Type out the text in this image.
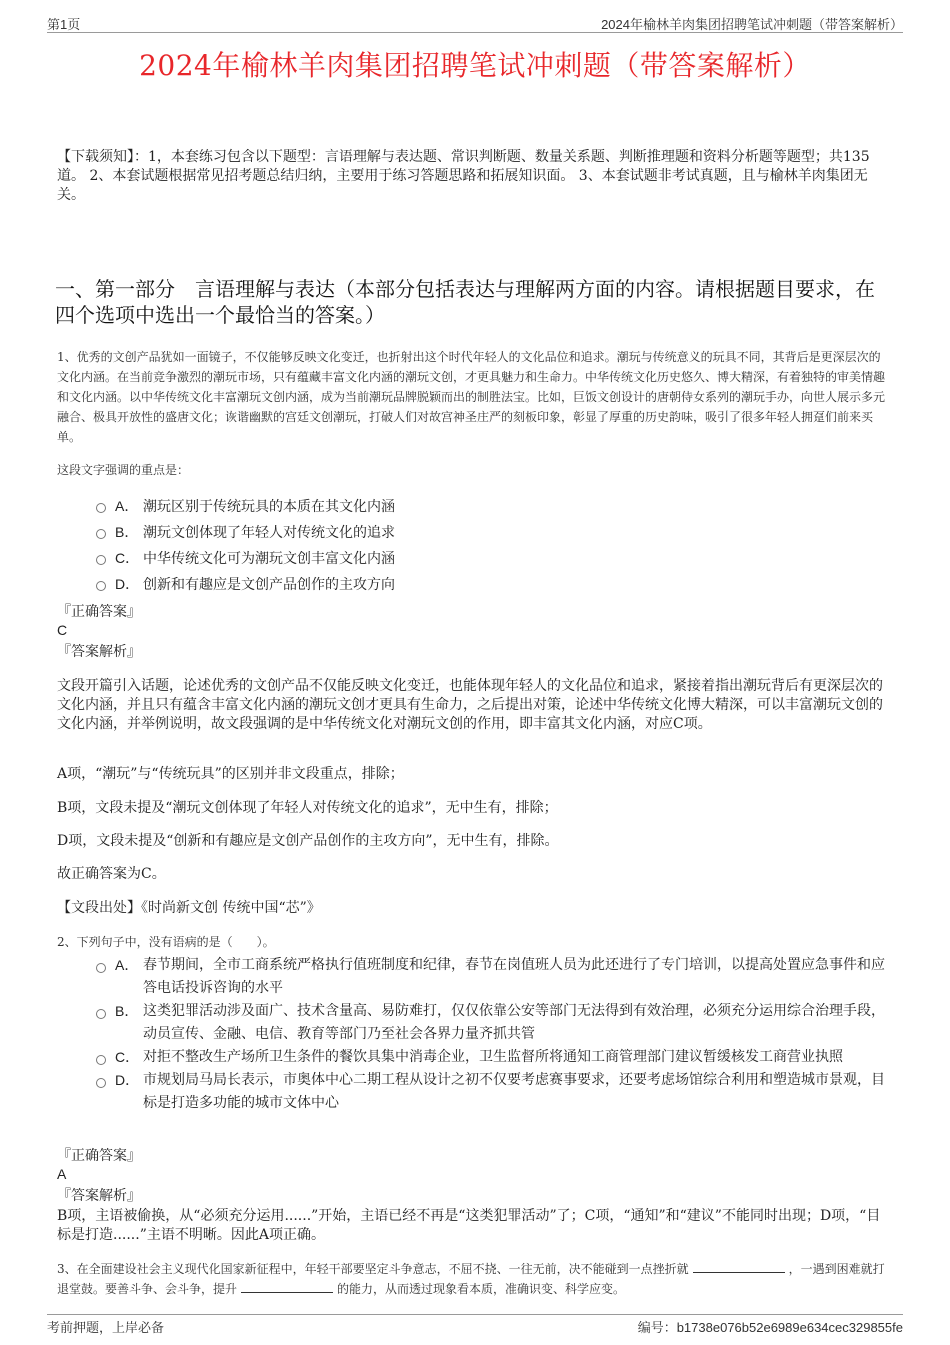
第1页	2024年榆林羊肉集团招聘笔试冲刺题（带答案解析）
2024年榆林羊肉集团招聘笔试冲刺题（带答案解析）
【下载须知】：1，本套练习包含以下题型：言语理解与表达题、常识判断题、数量关系题、判断推理题和资料分析题等题型；共135道。 2、本套试题根据常见招考题总结归纳，主要用于练习答题思路和拓展知识面。 3、本套试题非考试真题，且与榆林羊肉集团无关。
一、第一部分　言语理解与表达（本部分包括表达与理解两方面的内容。请根据题目要求，在四个选项中选出一个最恰当的答案。）
1、优秀的文创产品犹如一面镜子，不仅能够反映文化变迁，也折射出这个时代年轻人的文化品位和追求。潮玩与传统意义的玩具不同，其背后是更深层次的文化内涵。在当前竞争激烈的潮玩市场，只有蕴藏丰富文化内涵的潮玩文创，才更具魅力和生命力。中华传统文化历史悠久、博大精深，有着独特的审美情趣和文化内涵。以中华传统文化丰富潮玩文创内涵，成为当前潮玩品牌脱颖而出的制胜法宝。比如，巨饭文创设计的唐朝侍女系列的潮玩手办，向世人展示多元融合、极具开放性的盛唐文化；诙谐幽默的宫廷文创潮玩，打破人们对故宫神圣庄严的刻板印象，彰显了厚重的历史韵味，吸引了很多年轻人拥趸们前来买单。
这段文字强调的重点是：
A． 潮玩区别于传统玩具的本质在其文化内涵
B． 潮玩文创体现了年轻人对传统文化的追求
C． 中华传统文化可为潮玩文创丰富文化内涵
D． 创新和有趣应是文创产品创作的主攻方向
『正确答案』
C
『答案解析』
文段开篇引入话题，论述优秀的文创产品不仅能反映文化变迁，也能体现年轻人的文化品位和追求，紧接着指出潮玩背后有更深层次的文化内涵，并且只有蕴含丰富文化内涵的潮玩文创才更具有生命力，之后提出对策，论述中华传统文化博大精深，可以丰富潮玩文创的文化内涵，并举例说明，故文段强调的是中华传统文化对潮玩文创的作用，即丰富其文化内涵，对应C项。
A项，“潮玩”与“传统玩具”的区别并非文段重点，排除；
B项，文段未提及“潮玩文创体现了年轻人对传统文化的追求”，无中生有，排除；
D项，文段未提及“创新和有趣应是文创产品创作的主攻方向”，无中生有，排除。
故正确答案为C。
【文段出处】《时尚新文创 传统中国“芯”》
2、下列句子中，没有语病的是（　　）。
A． 春节期间，全市工商系统严格执行值班制度和纪律，春节在岗值班人员为此还进行了专门培训，以提高处置应急事件和应答电话投诉咨询的水平
B． 这类犯罪活动涉及面广、技术含量高、易防难打，仅仅依靠公安等部门无法得到有效治理，必须充分运用综合治理手段，动员宣传、金融、电信、教育等部门乃至社会各界力量齐抓共管
C． 对拒不整改生产场所卫生条件的餐饮具集中消毒企业，卫生监督所将通知工商管理部门建议暂缓核发工商营业执照
D． 市规划局马局长表示，市奥体中心二期工程从设计之初不仅要考虑赛事要求，还要考虑场馆综合利用和塑造城市景观，目标是打造多功能的城市文体中心
『正确答案』
A
『答案解析』
B项，主语被偷换，从“必须充分运用......”开始，主语已经不再是“这类犯罪活动”了；C项，“通知”和“建议”不能同时出现；D项，“目标是打造......”主语不明晰。因此A项正确。
3、在全面建设社会主义现代化国家新征程中，年轻干部要坚定斗争意志，不屈不挠、一往无前，决不能碰到一点挫折就	，一遇到困难就打退堂鼓。要善斗争、会斗争，提升	的能力，从而透过现象看本质，准确识变、科学应变。
考前押题，上岸必备	编号：b1738e076b52e6989e634cec329855fe
